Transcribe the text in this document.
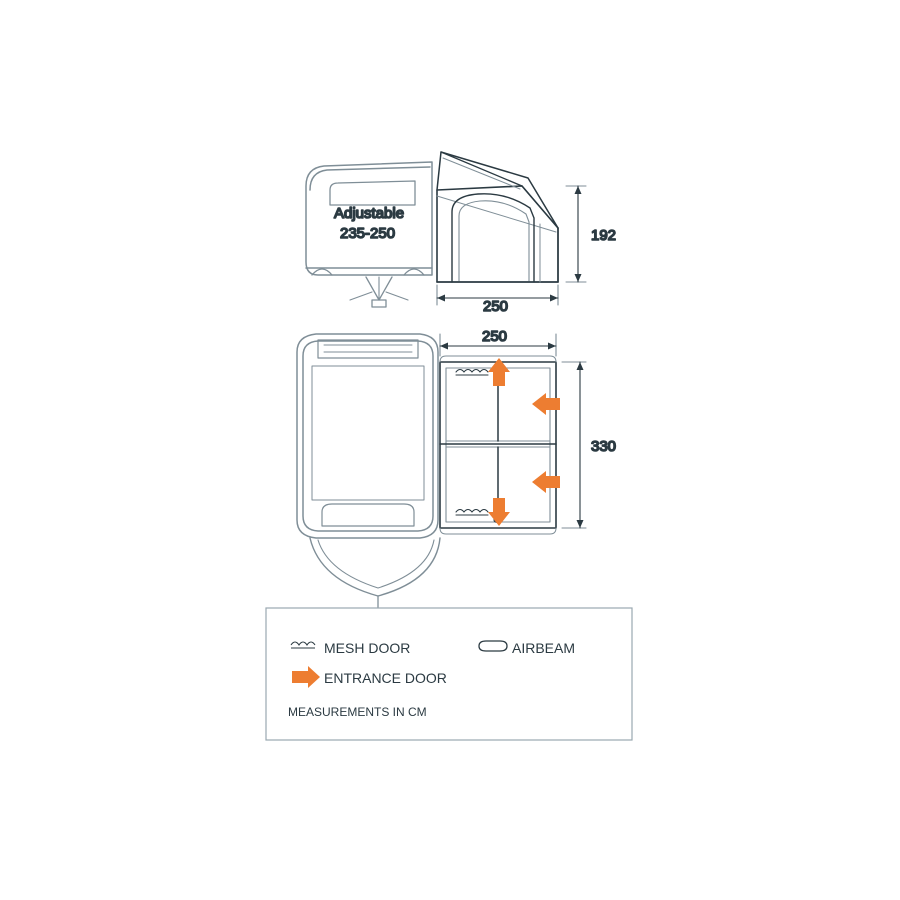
Adjustable
235-250	192
250
250
330
MESH DOOR	AIRBEAM
ENTRANCE DOOR
MEASUREMENTS IN CM
